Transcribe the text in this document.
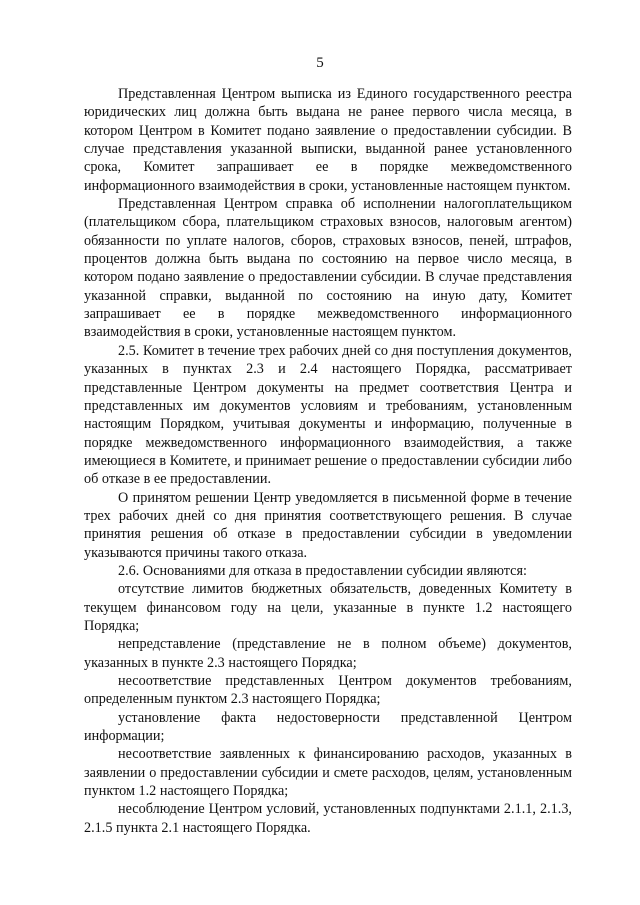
5

Представленная Центром выписка из Единого государственного реестра юридических лиц должна быть выдана не ранее первого числа месяца, в котором Центром в Комитет подано заявление о предоставлении субсидии. В случае представления указанной выписки, выданной ранее установленного срока, Комитет запрашивает ее в порядке межведомственного информационного взаимодействия в сроки, установленные настоящем пунктом.

Представленная Центром справка об исполнении налогоплательщиком (плательщиком сбора, плательщиком страховых взносов, налоговым агентом) обязанности по уплате налогов, сборов, страховых взносов, пеней, штрафов, процентов должна быть выдана по состоянию на первое число месяца, в котором подано заявление о предоставлении субсидии. В случае представления указанной справки, выданной по состоянию на иную дату, Комитет запрашивает ее в порядке межведомственного информационного взаимодействия в сроки, установленные настоящем пунктом.

2.5. Комитет в течение трех рабочих дней со дня поступления документов, указанных в пунктах 2.3 и 2.4 настоящего Порядка, рассматривает представленные Центром документы на предмет соответствия Центра и представленных им документов условиям и требованиям, установленным настоящим Порядком, учитывая документы и информацию, полученные в порядке межведомственного информационного взаимодействия, а также имеющиеся в Комитете, и принимает решение о предоставлении субсидии либо об отказе в ее предоставлении.

О принятом решении Центр уведомляется в письменной форме в течение трех рабочих дней со дня принятия соответствующего решения. В случае принятия решения об отказе в предоставлении субсидии в уведомлении указываются причины такого отказа.

2.6. Основаниями для отказа в предоставлении субсидии являются:

отсутствие лимитов бюджетных обязательств, доведенных Комитету в текущем финансовом году на цели, указанные в пункте 1.2 настоящего Порядка;

непредставление (представление не в полном объеме) документов, указанных в пункте 2.3 настоящего Порядка;

несоответствие представленных Центром документов требованиям, определенным пунктом 2.3 настоящего Порядка;

установление факта недостоверности представленной Центром информации;

несоответствие заявленных к финансированию расходов, указанных в заявлении о предоставлении субсидии и смете расходов, целям, установленным пунктом 1.2 настоящего Порядка;

несоблюдение Центром условий, установленных подпунктами 2.1.1, 2.1.3, 2.1.5 пункта 2.1 настоящего Порядка.
